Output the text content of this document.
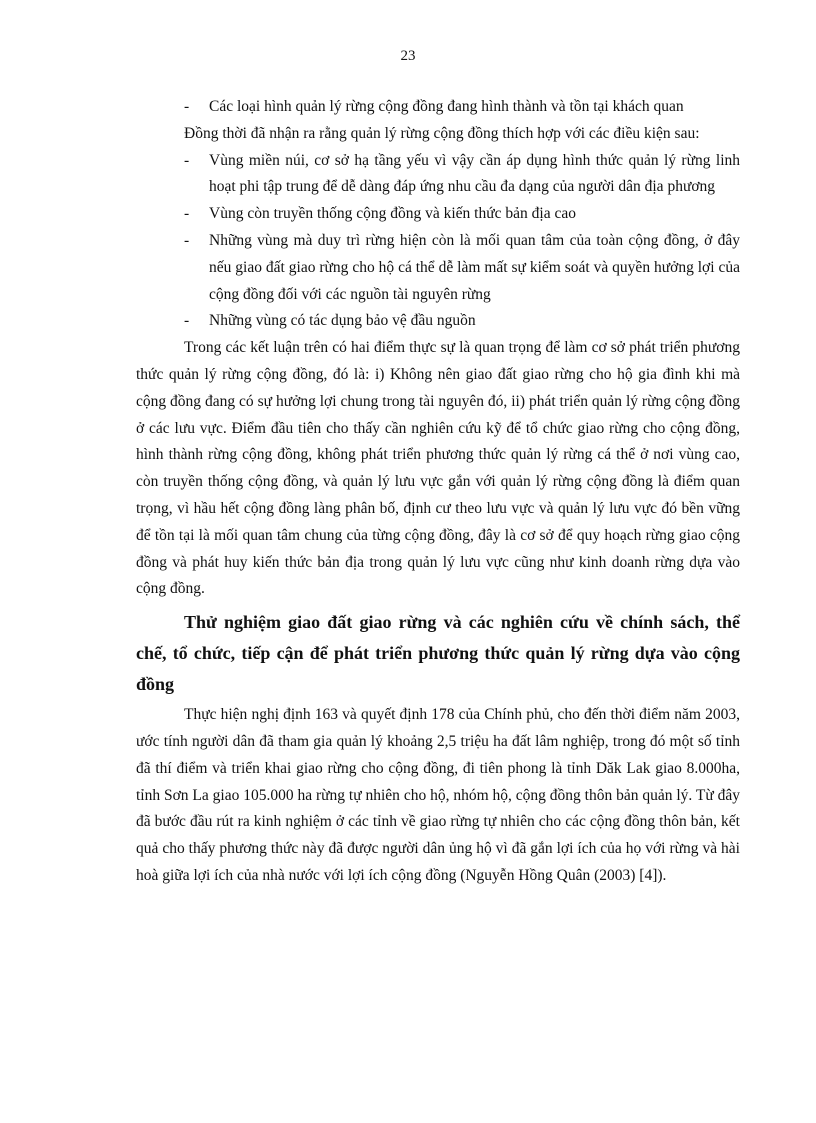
23

- Các loại hình quản lý rừng cộng đồng đang hình thành và tồn tại khách quan

Đồng thời đã nhận ra rằng quản lý rừng cộng đồng thích hợp với các điều kiện sau:

- Vùng miền núi, cơ sở hạ tầng yếu vì vậy cần áp dụng hình thức quản lý rừng linh hoạt phi tập trung để dễ dàng đáp ứng nhu cầu đa dạng của người dân địa phương

- Vùng còn truyền thống cộng đồng và kiến thức bản địa cao

- Những vùng mà duy trì rừng hiện còn là mối quan tâm của toàn cộng đồng, ở đây nếu giao đất giao rừng cho hộ cá thể dễ làm mất sự kiểm soát và quyền hưởng lợi của cộng đồng đối với các nguồn tài nguyên rừng

- Những vùng có tác dụng bảo vệ đầu nguồn

Trong các kết luận trên có hai điểm thực sự là quan trọng để làm cơ sở phát triển phương thức quản lý rừng cộng đồng, đó là: i) Không nên giao đất giao rừng cho hộ gia đình khi mà cộng đồng đang có sự hưởng lợi chung trong tài nguyên đó, ii) phát triển quản lý rừng cộng đồng ở các lưu vực. Điểm đầu tiên cho thấy cần nghiên cứu kỹ để tổ chức giao rừng cho cộng đồng, hình thành rừng cộng đồng, không phát triển phương thức quản lý rừng cá thể ở nơi vùng cao, còn truyền thống cộng đồng, và quản lý lưu vực gắn với quản lý rừng cộng đồng là điểm quan trọng, vì hầu hết cộng đồng làng phân bố, định cư theo lưu vực và quản lý lưu vực đó bền vững để tồn tại là mối quan tâm chung của từng cộng đồng, đây là cơ sở để quy hoạch rừng giao cộng đồng và phát huy kiến thức bản địa trong quản lý lưu vực cũng như kinh doanh rừng dựa vào cộng đồng.

Thử nghiệm giao đất giao rừng và các nghiên cứu về chính sách, thể chế, tổ chức, tiếp cận để phát triển phương thức quản lý rừng dựa vào cộng đồng

Thực hiện nghị định 163 và quyết định 178 của Chính phủ, cho đến thời điểm năm 2003, ước tính người dân đã tham gia quản lý khoảng 2,5 triệu ha đất lâm nghiệp, trong đó một số tỉnh đã thí điểm và triển khai giao rừng cho cộng đồng, đi tiên phong là tỉnh Dăk Lak giao 8.000ha, tỉnh Sơn La giao 105.000 ha rừng tự nhiên cho hộ, nhóm hộ, cộng đồng thôn bản quản lý. Từ đây đã bước đầu rút ra kinh nghiệm ở các tỉnh về giao rừng tự nhiên cho các cộng đồng thôn bản, kết quả cho thấy phương thức này đã được người dân ủng hộ vì đã gắn lợi ích của họ với rừng và hài hoà giữa lợi ích của nhà nước với lợi ích cộng đồng (Nguyễn Hồng Quân (2003) [4]).
